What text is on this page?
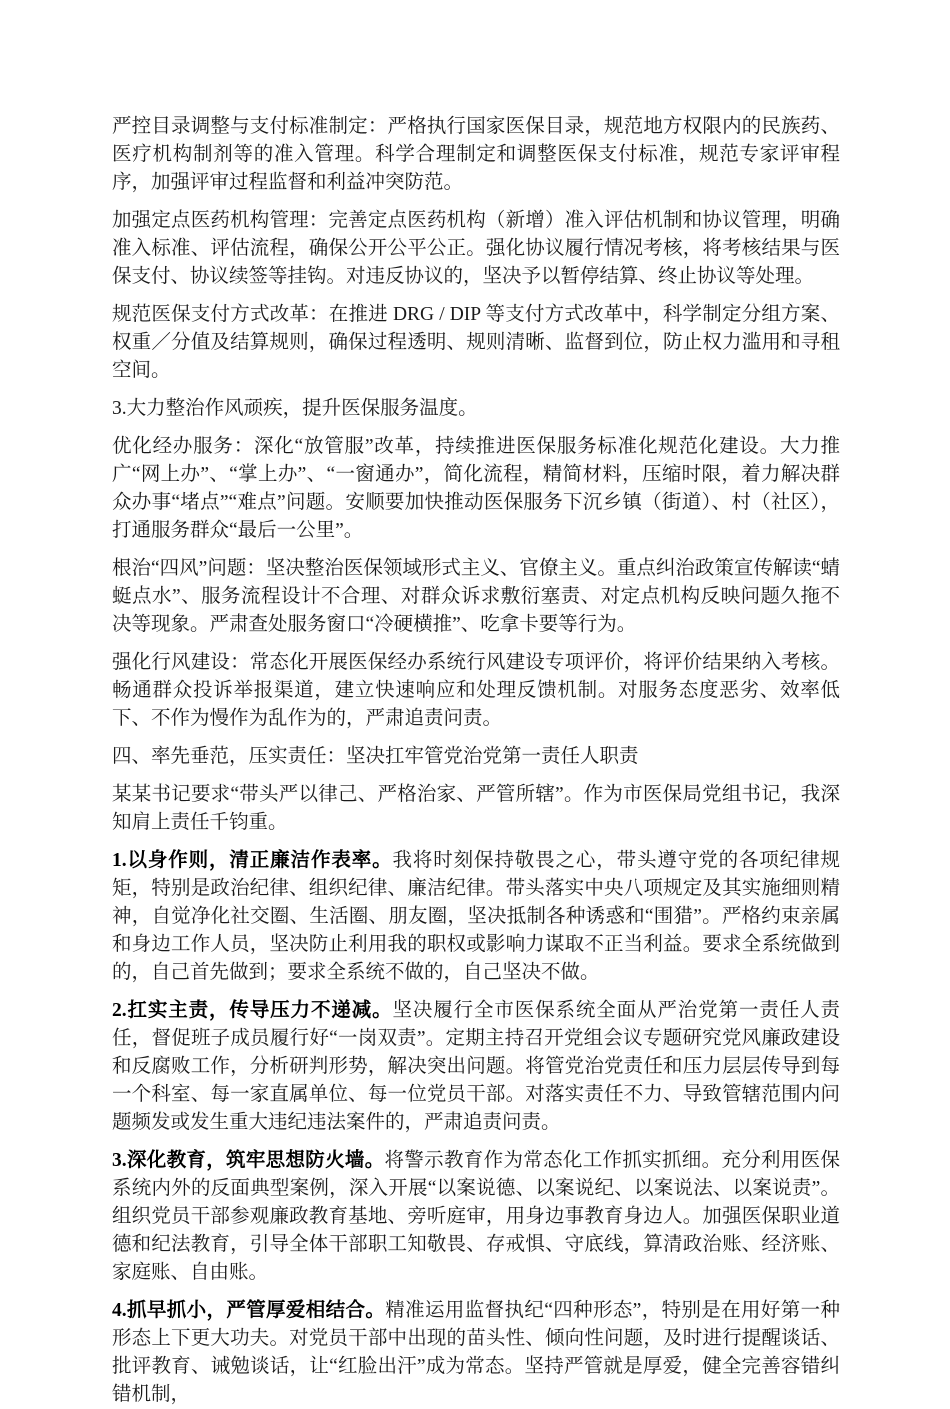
严控目录调整与支付标准制定：严格执行国家医保目录，规范地方权限内的民族药、医疗机构制剂等的准入管理。科学合理制定和调整医保支付标准，规范专家评审程序，加强评审过程监督和利益冲突防范。

加强定点医药机构管理：完善定点医药机构（新增）准入评估机制和协议管理，明确准入标准、评估流程，确保公开公平公正。强化协议履行情况考核，将考核结果与医保支付、协议续签等挂钩。对违反协议的，坚决予以暂停结算、终止协议等处理。

规范医保支付方式改革：在推进 DRG / DIP 等支付方式改革中，科学制定分组方案、权重／分值及结算规则，确保过程透明、规则清晰、监督到位，防止权力滥用和寻租空间。

3.大力整治作风顽疾，提升医保服务温度。

优化经办服务：深化“放管服”改革，持续推进医保服务标准化规范化建设。大力推广“网上办”、“掌上办”、“一窗通办”，简化流程，精简材料，压缩时限，着力解决群众办事“堵点”“难点”问题。安顺要加快推动医保服务下沉乡镇（街道）、村（社区），打通服务群众“最后一公里”。

根治“四风”问题：坚决整治医保领域形式主义、官僚主义。重点纠治政策宣传解读“蜻蜓点水”、服务流程设计不合理、对群众诉求敷衍塞责、对定点机构反映问题久拖不决等现象。严肃查处服务窗口“冷硬横推”、吃拿卡要等行为。

强化行风建设：常态化开展医保经办系统行风建设专项评价，将评价结果纳入考核。畅通群众投诉举报渠道，建立快速响应和处理反馈机制。对服务态度恶劣、效率低下、不作为慢作为乱作为的，严肃追责问责。

四、率先垂范，压实责任：坚决扛牢管党治党第一责任人职责

某某书记要求“带头严以律己、严格治家、严管所辖”。作为市医保局党组书记，我深知肩上责任千钧重。

1.以身作则，清正廉洁作表率。我将时刻保持敬畏之心，带头遵守党的各项纪律规矩，特别是政治纪律、组织纪律、廉洁纪律。带头落实中央八项规定及其实施细则精神，自觉净化社交圈、生活圈、朋友圈，坚决抵制各种诱惑和“围猎”。严格约束亲属和身边工作人员，坚决防止利用我的职权或影响力谋取不正当利益。要求全系统做到的，自己首先做到；要求全系统不做的，自己坚决不做。

2.扛实主责，传导压力不递减。坚决履行全市医保系统全面从严治党第一责任人责任，督促班子成员履行好“一岗双责”。定期主持召开党组会议专题研究党风廉政建设和反腐败工作，分析研判形势，解决突出问题。将管党治党责任和压力层层传导到每一个科室、每一家直属单位、每一位党员干部。对落实责任不力、导致管辖范围内问题频发或发生重大违纪违法案件的，严肃追责问责。

3.深化教育，筑牢思想防火墙。将警示教育作为常态化工作抓实抓细。充分利用医保系统内外的反面典型案例，深入开展“以案说德、以案说纪、以案说法、以案说责”。组织党员干部参观廉政教育基地、旁听庭审，用身边事教育身边人。加强医保职业道德和纪法教育，引导全体干部职工知敬畏、存戒惧、守底线，算清政治账、经济账、家庭账、自由账。

4.抓早抓小，严管厚爱相结合。精准运用监督执纪“四种形态”，特别是在用好第一种形态上下更大功夫。对党员干部中出现的苗头性、倾向性问题，及时进行提醒谈话、批评教育、诫勉谈话，让“红脸出汗”成为常态。坚持严管就是厚爱，健全完善容错纠错机制，
